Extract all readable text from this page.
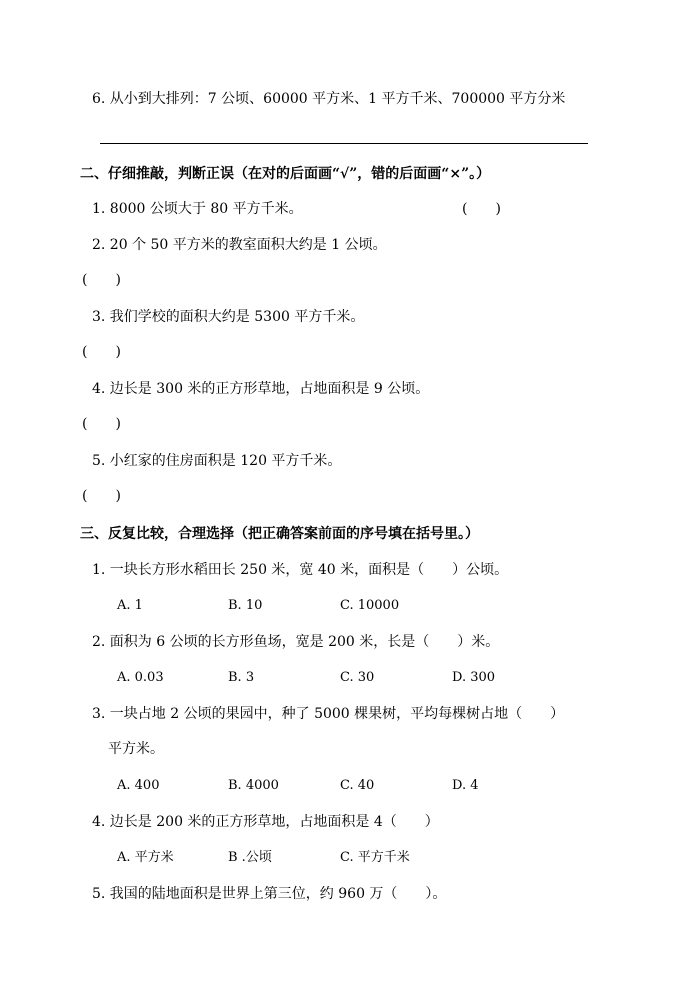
6. 从小到大排列：7 公顷、60000 平方米、1 平方千米、700000 平方分米
二、仔细推敲，判断正误（在对的后面画“√”，错的后面画“×”。）
1. 8000 公顷大于 80 平方千米。	(　　)
2. 20 个 50 平方米的教室面积大约是 1 公顷。
(　　)
3. 我们学校的面积大约是 5300 平方千米。
(　　)
4. 边长是 300 米的正方形草地，占地面积是 9 公顷。
(　　)
5. 小红家的住房面积是 120 平方千米。
(　　)
三、反复比较，合理选择（把正确答案前面的序号填在括号里。）
1. 一块长方形水稻田长 250 米，宽 40 米，面积是（　　）公顷。
A. 1	B. 10	C. 10000
2. 面积为 6 公顷的长方形鱼场，宽是 200 米，长是（　　）米。
A. 0.03	B. 3	C. 30	D. 300
3. 一块占地 2 公顷的果园中，种了 5000 棵果树，平均每棵树占地（　　）
平方米。
A. 400	B. 4000	C. 40	D. 4
4. 边长是 200 米的正方形草地，占地面积是 4（　　）
A. 平方米	B .公顷	C. 平方千米
5. 我国的陆地面积是世界上第三位，约 960 万（　　）。
